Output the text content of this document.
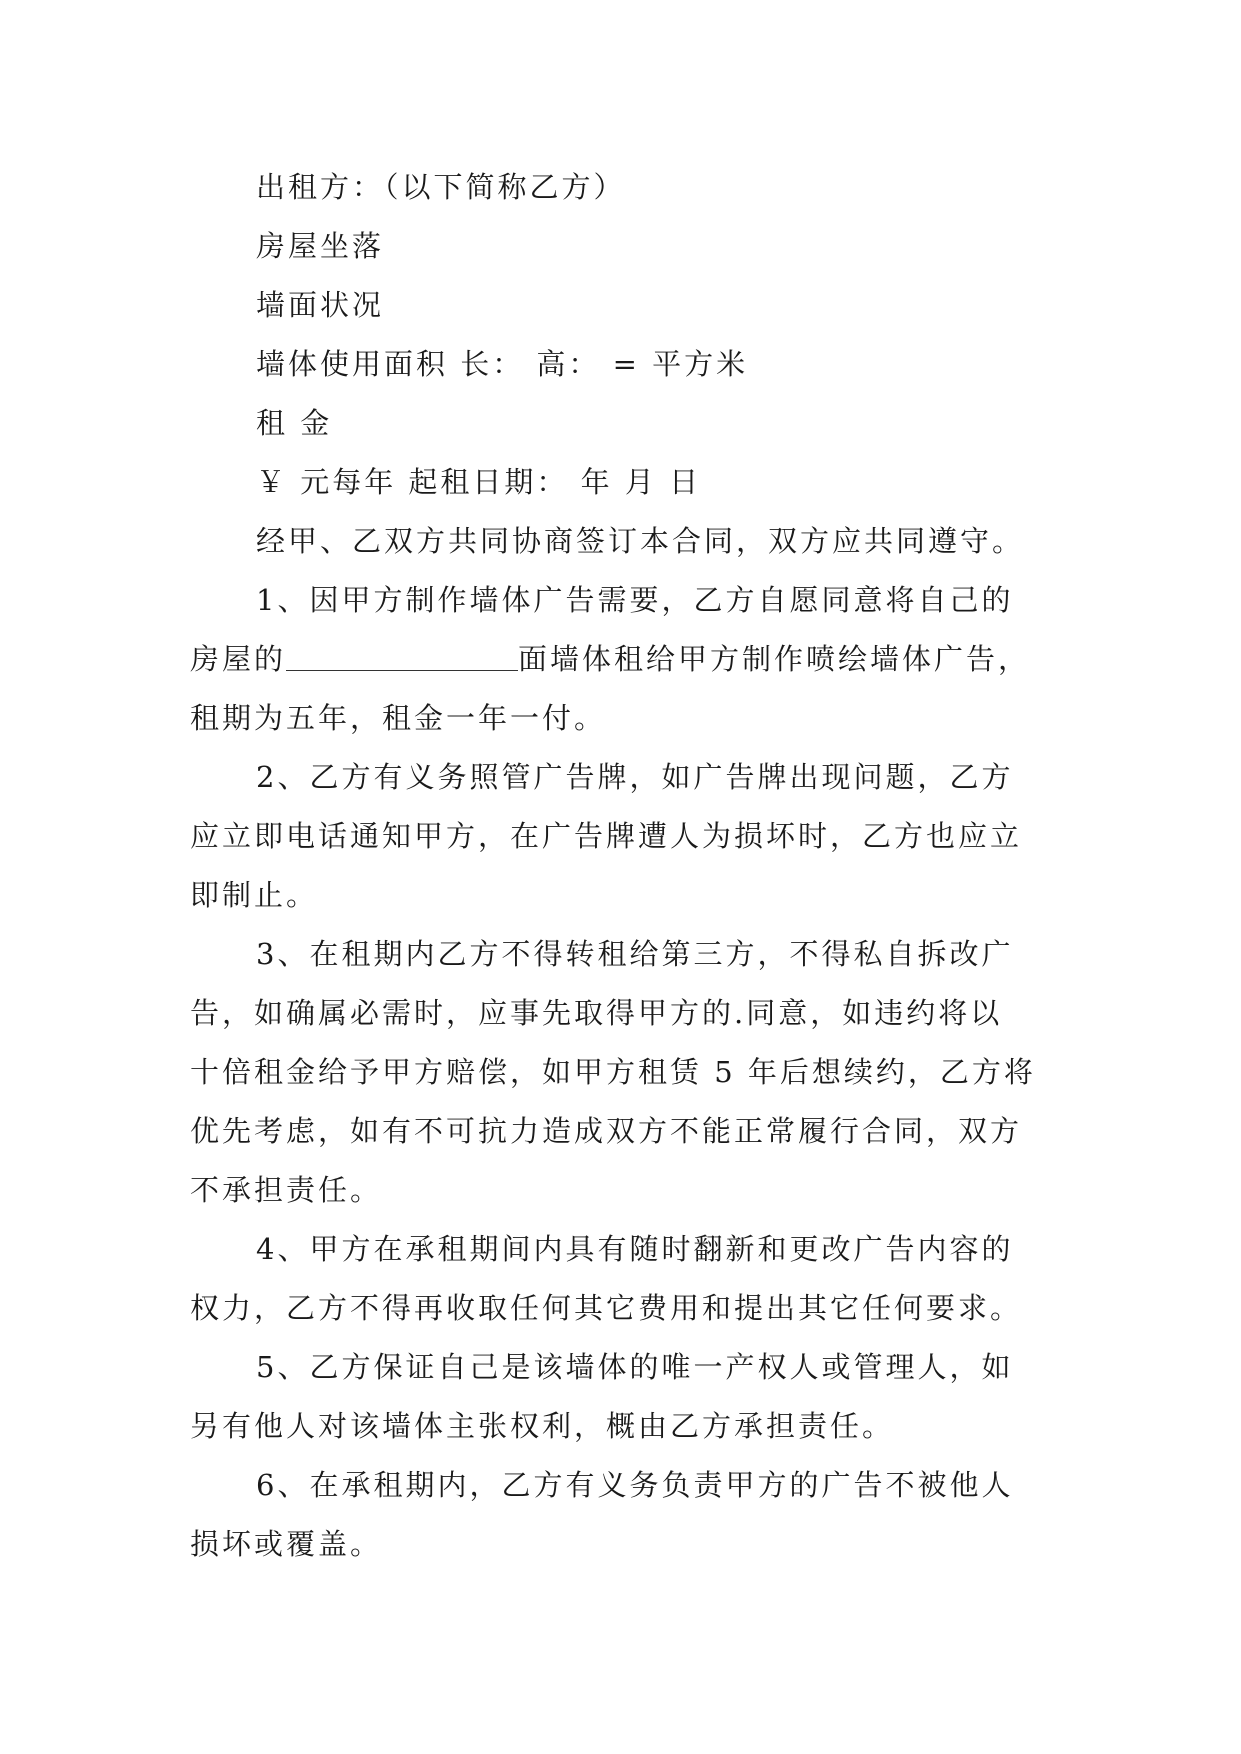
出租方：（以下简称乙方）
房屋坐落
墙面状况
墙体使用面积 长： 高： = 平方米
租 金
￥ 元每年 起租日期： 年 月 日
经甲、乙双方共同协商签订本合同，双方应共同遵守。
1、因甲方制作墙体广告需要，乙方自愿同意将自己的
房屋的	面墙体租给甲方制作喷绘墙体广告，
租期为五年，租金一年一付。
2、乙方有义务照管广告牌，如广告牌出现问题，乙方
应立即电话通知甲方，在广告牌遭人为损坏时，乙方也应立
即制止。
3、在租期内乙方不得转租给第三方，不得私自拆改广
告，如确属必需时，应事先取得甲方的.同意，如违约将以
十倍租金给予甲方赔偿，如甲方租赁 5 年后想续约，乙方将
优先考虑，如有不可抗力造成双方不能正常履行合同，双方
不承担责任。
4、甲方在承租期间内具有随时翻新和更改广告内容的
权力，乙方不得再收取任何其它费用和提出其它任何要求。
5、乙方保证自己是该墙体的唯一产权人或管理人，如
另有他人对该墙体主张权利，概由乙方承担责任。
6、在承租期内，乙方有义务负责甲方的广告不被他人
损坏或覆盖。
